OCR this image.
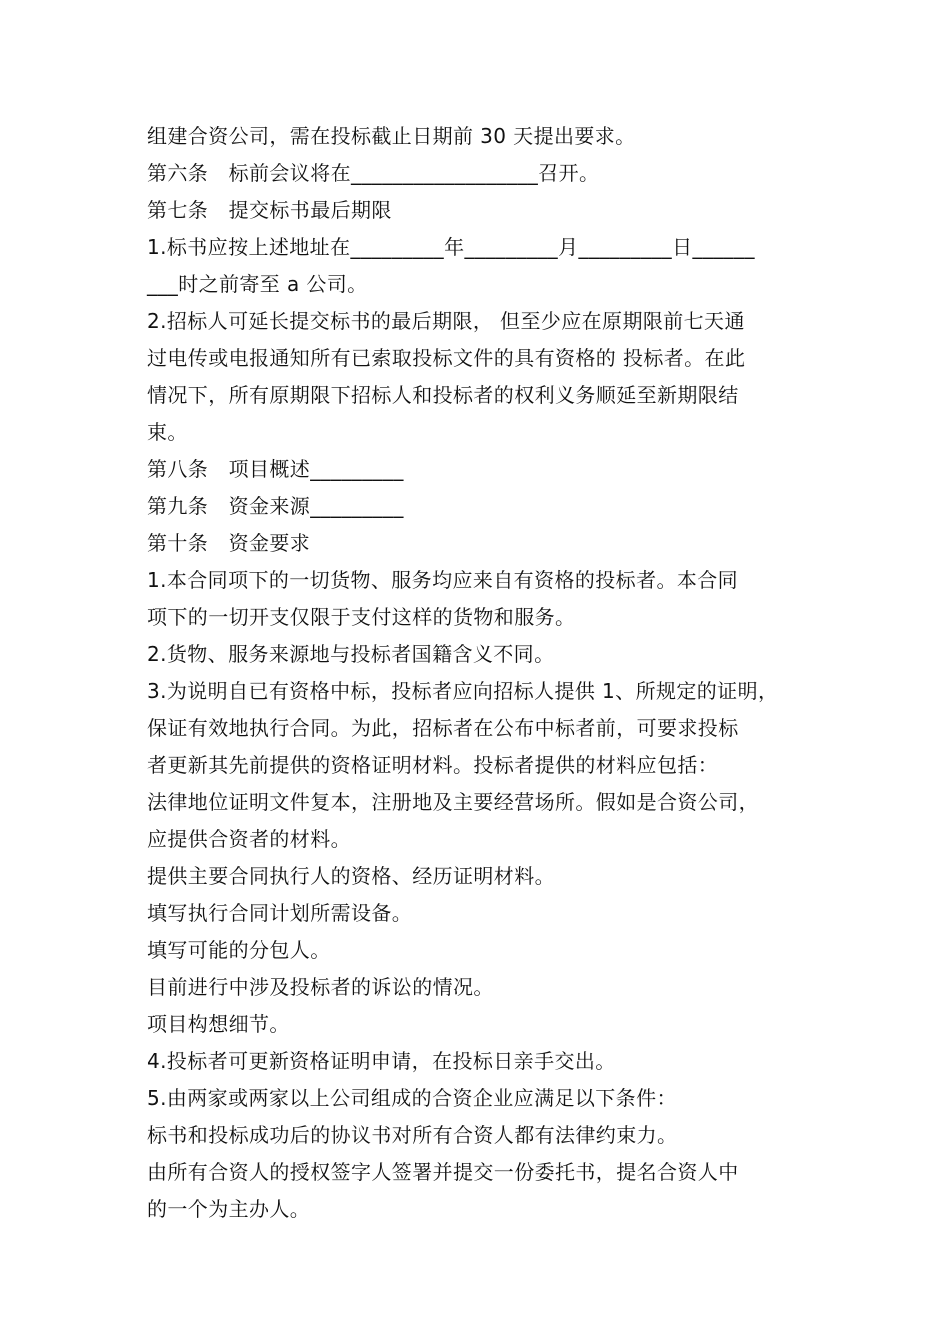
组建合资公司，需在投标截止日期前 30 天提出要求。
第六条　标前会议将在__________________召开。
第七条　提交标书最后期限
1.标书应按上述地址在_________年_________月_________日______
___时之前寄至 a 公司。
2.招标人可延长提交标书的最后期限， 但至少应在原期限前七天通
过电传或电报通知所有已索取投标文件的具有资格的 投标者。在此
情况下，所有原期限下招标人和投标者的权利义务顺延至新期限结
束。
第八条　项目概述_________
第九条　资金来源_________
第十条　资金要求
1.本合同项下的一切货物、服务均应来自有资格的投标者。本合同
项下的一切开支仅限于支付这样的货物和服务。
2.货物、服务来源地与投标者国籍含义不同。
3.为说明自已有资格中标，投标者应向招标人提供 1、所规定的证明，
保证有效地执行合同。为此，招标者在公布中标者前，可要求投标
者更新其先前提供的资格证明材料。投标者提供的材料应包括：
法律地位证明文件复本，注册地及主要经营场所。假如是合资公司，
应提供合资者的材料。
提供主要合同执行人的资格、经历证明材料。
填写执行合同计划所需设备。
填写可能的分包人。
目前进行中涉及投标者的诉讼的情况。
项目构想细节。
4.投标者可更新资格证明申请，在投标日亲手交出。
5.由两家或两家以上公司组成的合资企业应满足以下条件：
标书和投标成功后的协议书对所有合资人都有法律约束力。
由所有合资人的授权签字人签署并提交一份委托书，提名合资人中
的一个为主办人。
